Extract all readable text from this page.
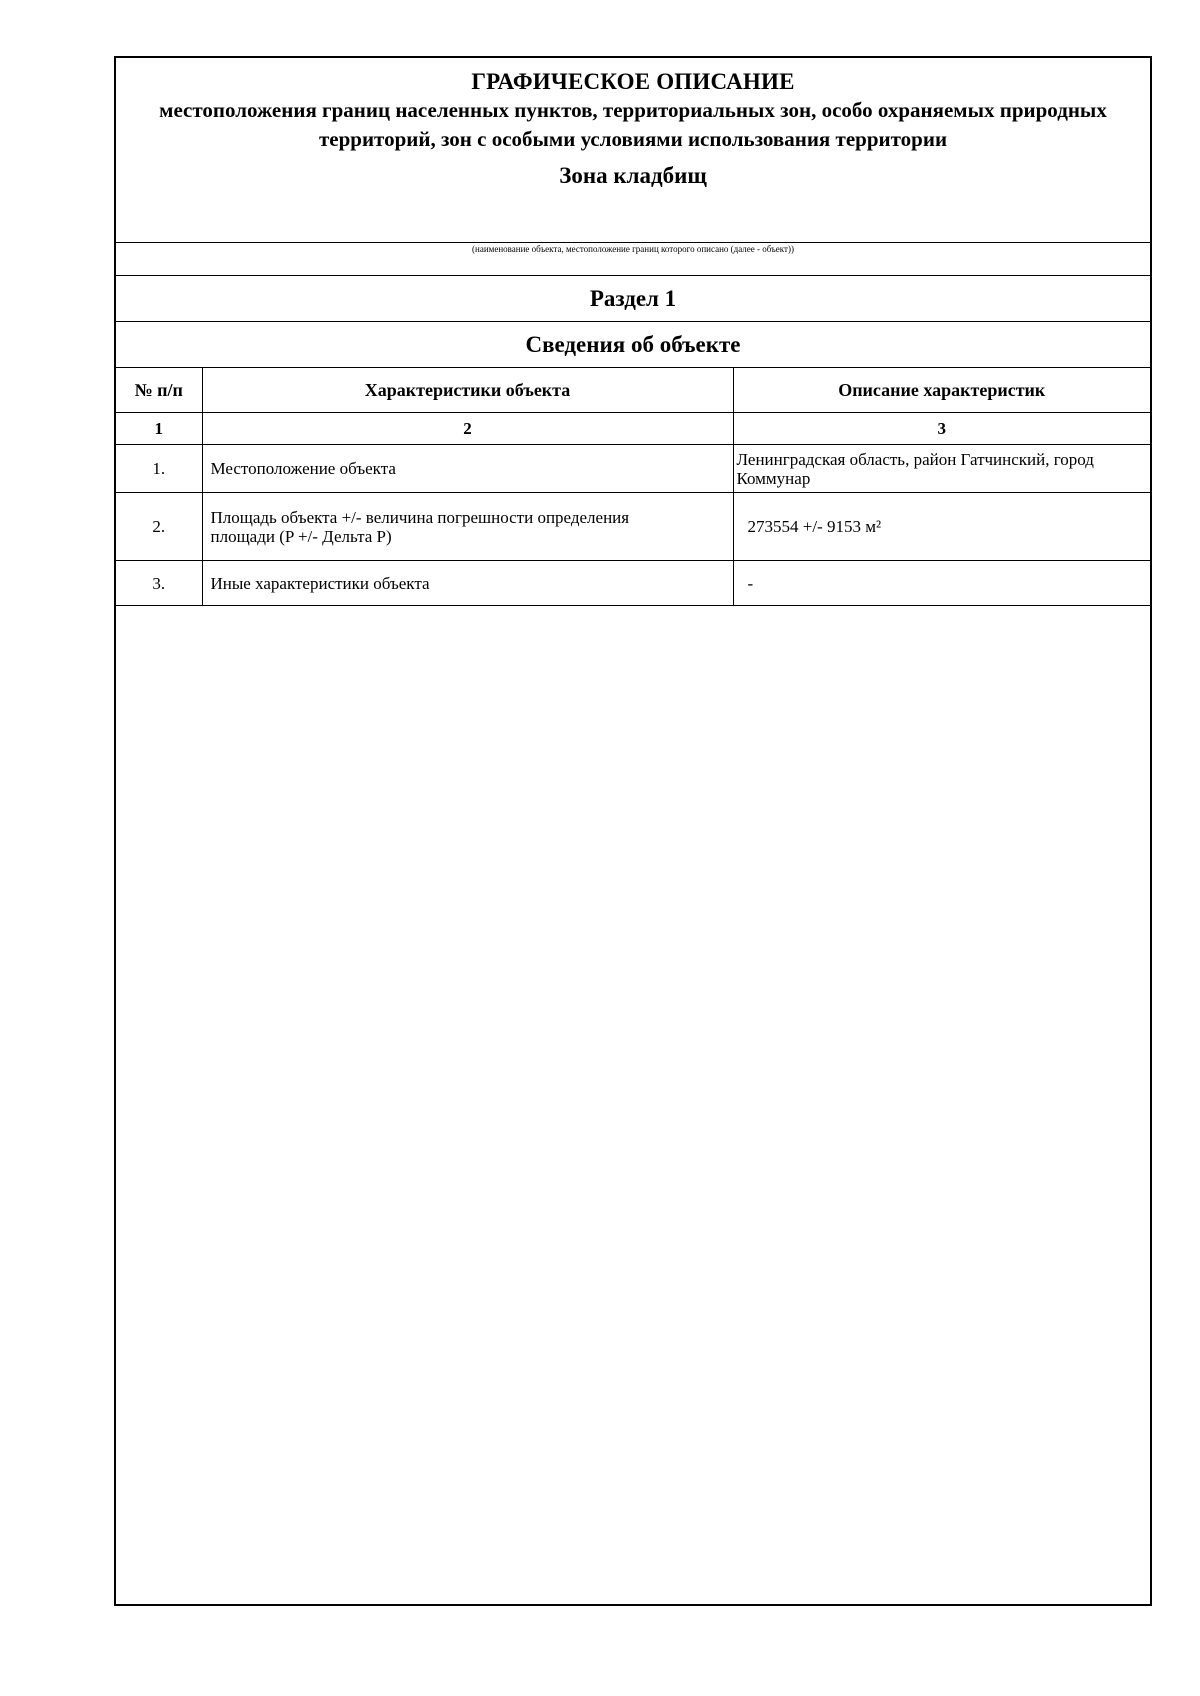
ГРАФИЧЕСКОЕ ОПИСАНИЕ
местоположения границ населенных пунктов, территориальных зон, особо охраняемых природных территорий, зон с особыми условиями использования территории
Зона кладбищ
(наименование объекта, местоположение границ которого описано (далее - объект))
Раздел 1
Сведения об объекте
№ п/п	Характеристики объекта	Описание характеристик
1	2	3
1.	Местоположение объекта	Ленинградская область, район Гатчинский, город Коммунар
2.	Площадь объекта +/- величина погрешности определения площади (P +/- Дельта P)	273554 +/- 9153 м²
3.	Иные характеристики объекта	-
